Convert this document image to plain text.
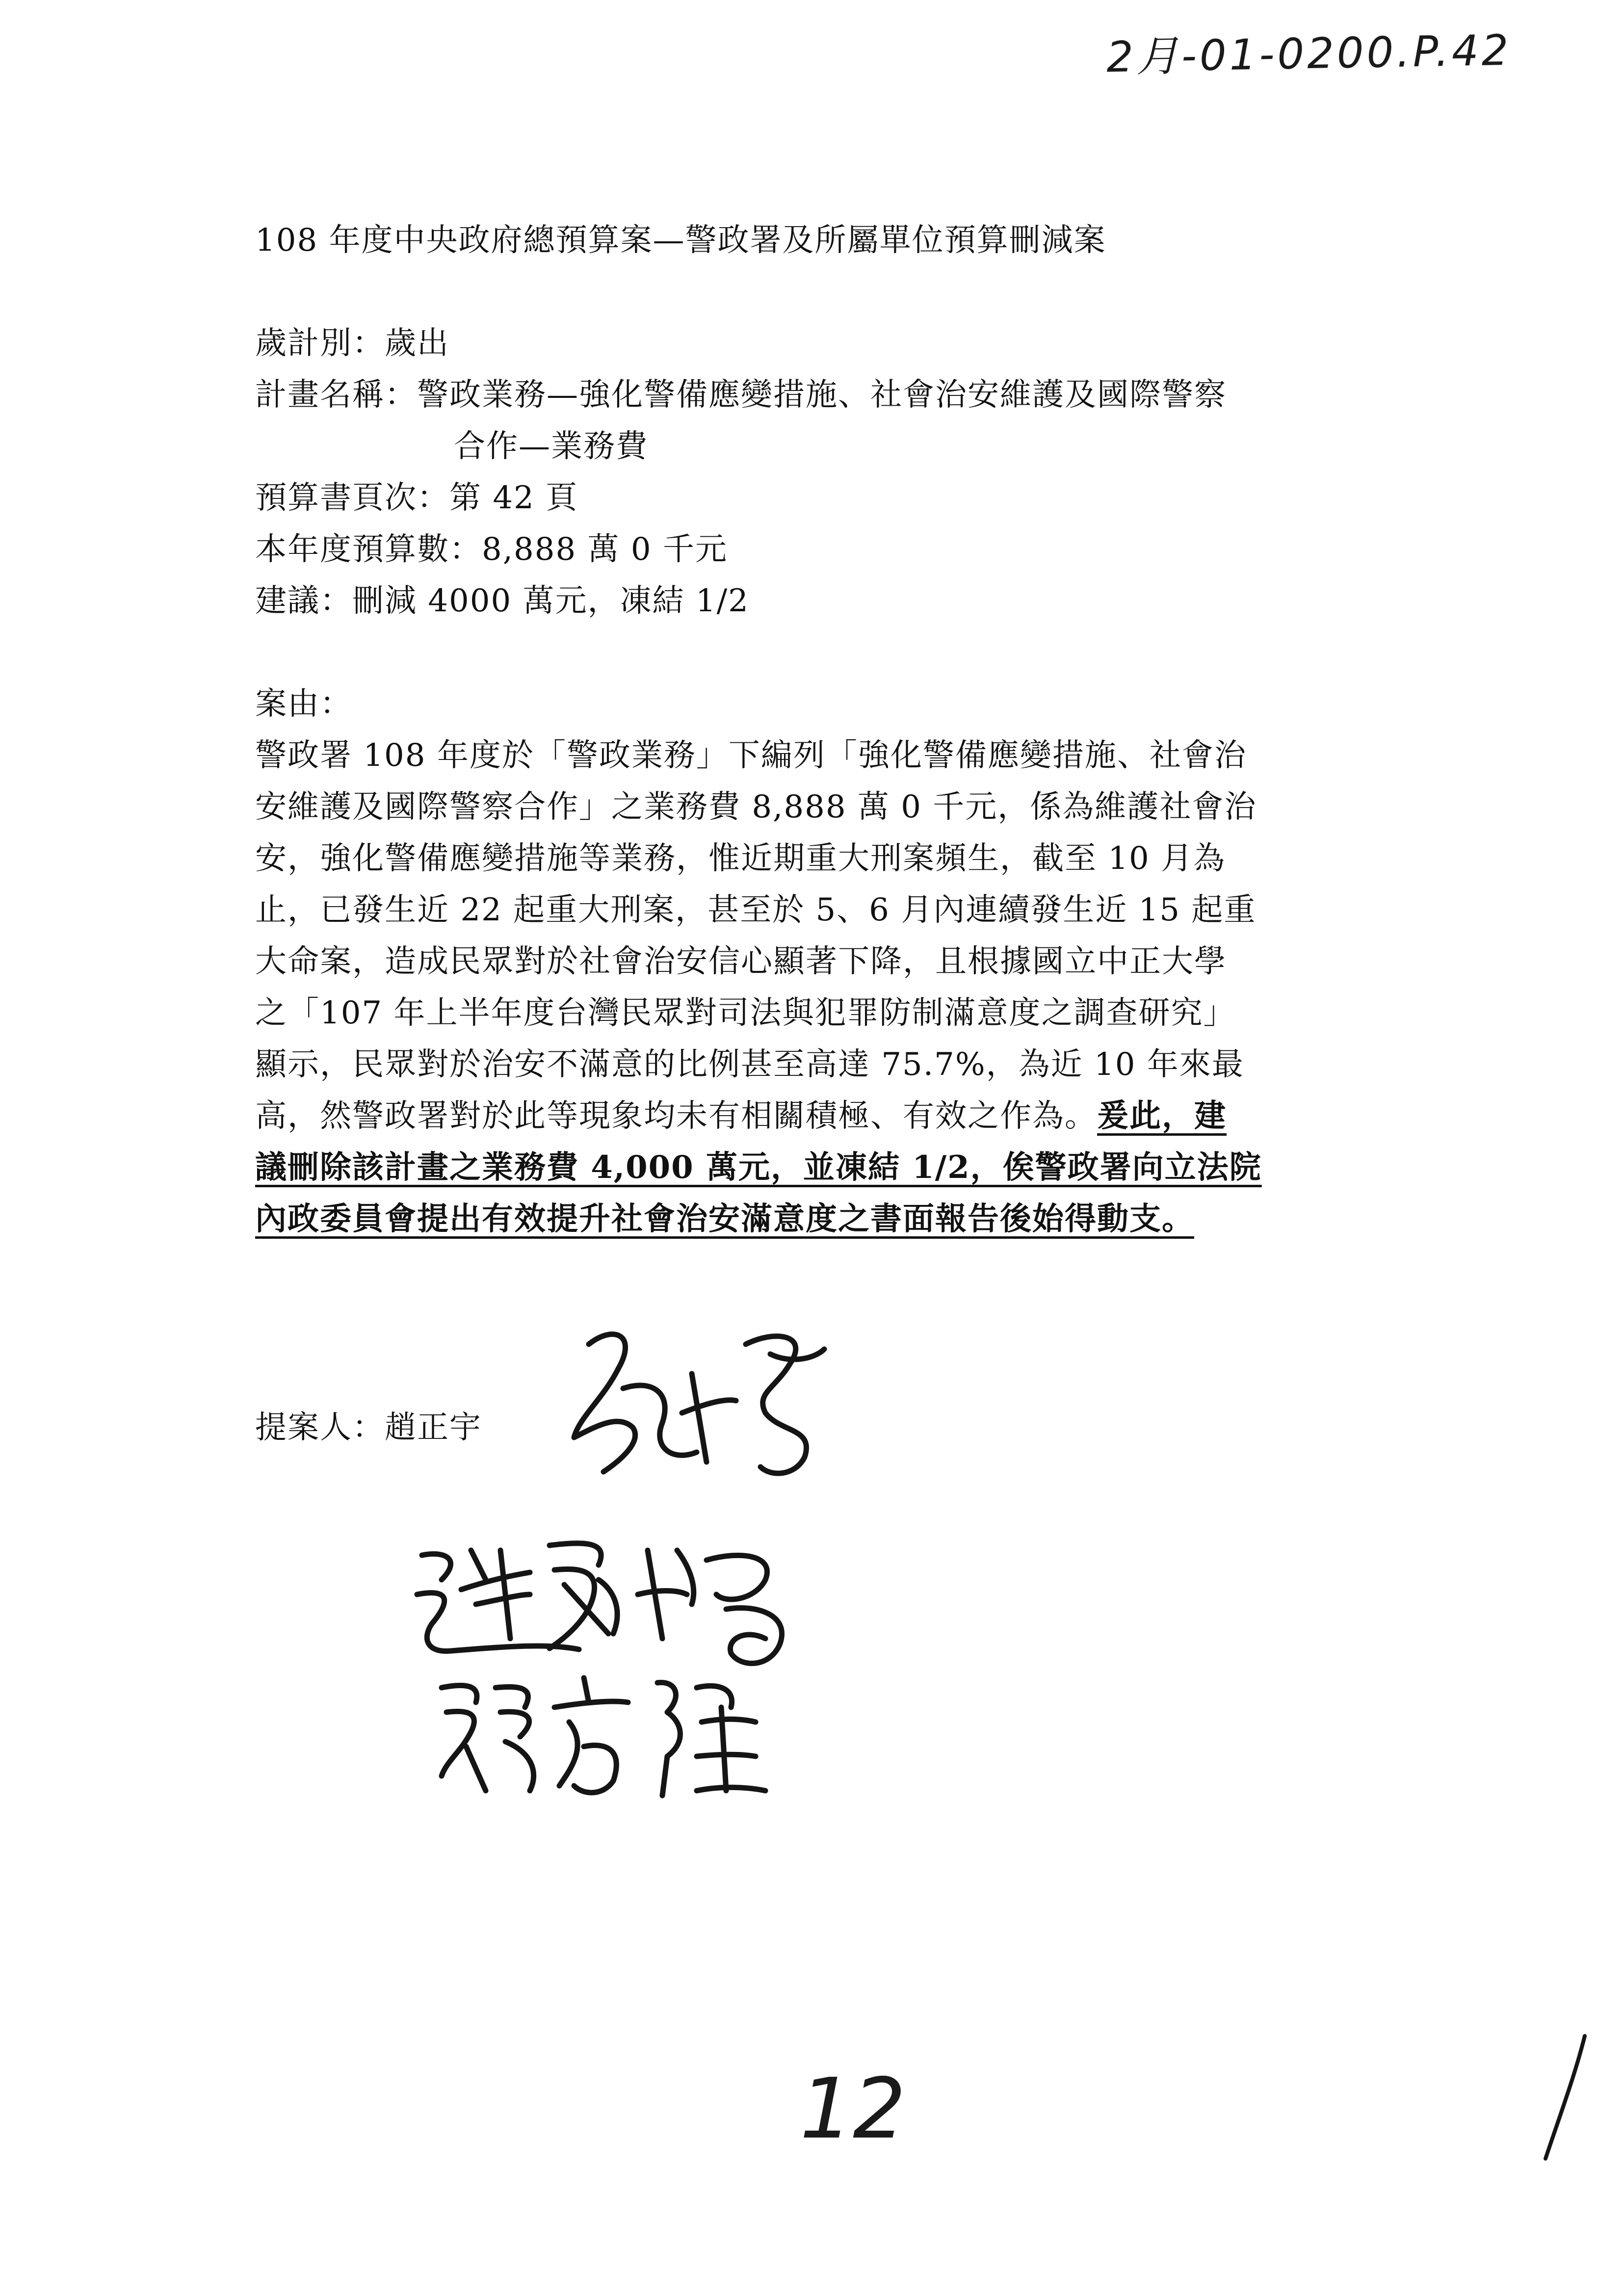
2月-01-0200.P.42
108 年度中央政府總預算案—警政署及所屬單位預算刪減案
歲計別：歲出
計畫名稱：警政業務—強化警備應變措施、社會治安維護及國際警察
合作—業務費
預算書頁次：第 42 頁
本年度預算數：8,888 萬 0 千元
建議：刪減 4000 萬元，凍結 1/2
案由：
警政署 108 年度於「警政業務」下編列「強化警備應變措施、社會治
安維護及國際警察合作」之業務費 8,888 萬 0 千元，係為維護社會治
安，強化警備應變措施等業務，惟近期重大刑案頻生，截至 10 月為
止，已發生近 22 起重大刑案，甚至於 5、6 月內連續發生近 15 起重
大命案，造成民眾對於社會治安信心顯著下降，且根據國立中正大學
之「107 年上半年度台灣民眾對司法與犯罪防制滿意度之調查研究」
顯示，民眾對於治安不滿意的比例甚至高達 75.7%，為近 10 年來最
高，然警政署對於此等現象均未有相關積極、有效之作為。爰此，建
議刪除該計畫之業務費 4,000 萬元，並凍結 1/2，俟警政署向立法院
內政委員會提出有效提升社會治安滿意度之書面報告後始得動支。
提案人：趙正宇
12
